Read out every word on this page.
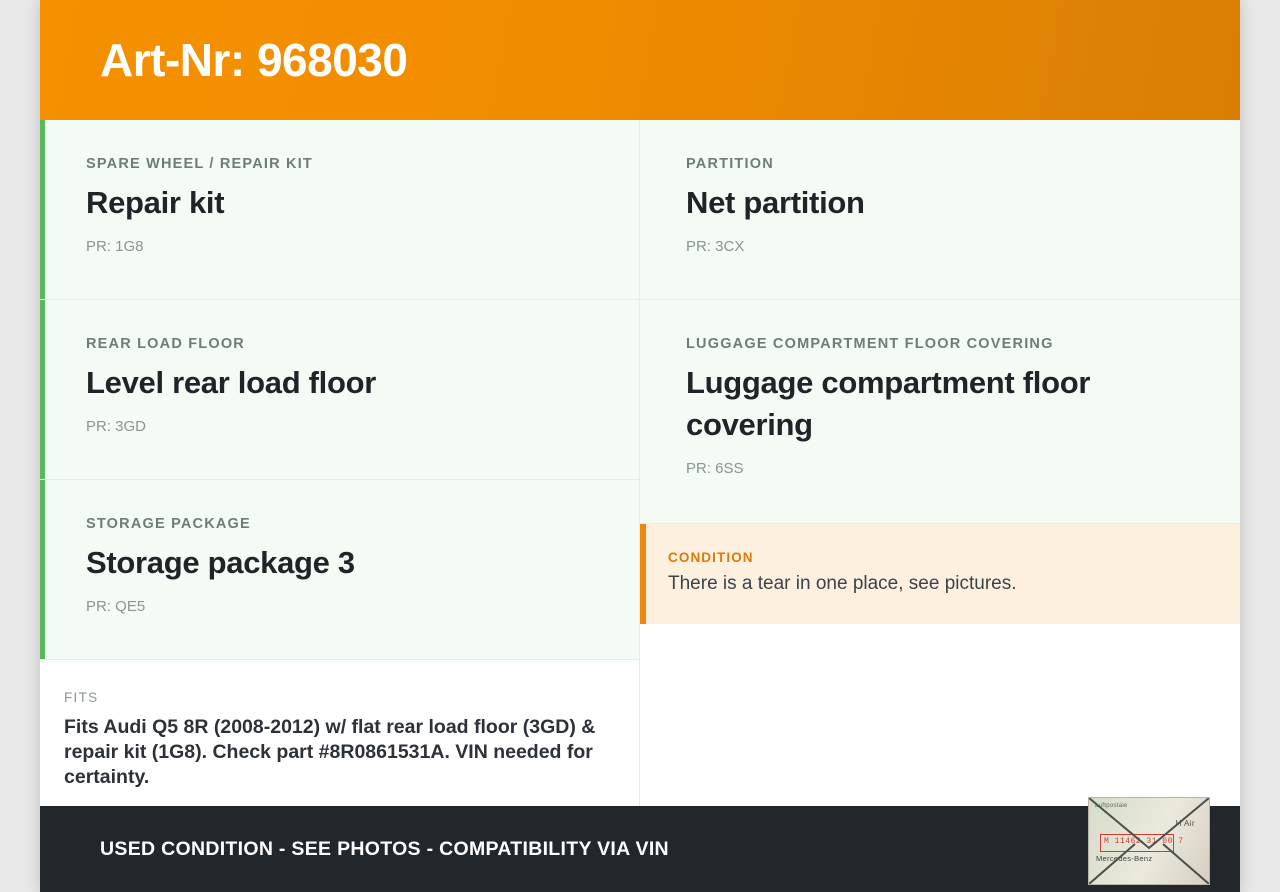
Art-Nr: 968030
SPARE WHEEL / REPAIR KIT
Repair kit
PR: 1G8
REAR LOAD FLOOR
Level rear load floor
PR: 3GD
STORAGE PACKAGE
Storage package 3
PR: QE5
PARTITION
Net partition
PR: 3CX
LUGGAGE COMPARTMENT FLOOR COVERING
Luggage compartment floor covering
PR: 6SS
CONDITION
There is a tear in one place, see pictures.
FITS
Fits Audi Q5 8R (2008-2012) w/ flat rear load floor (3GD) & repair kit (1G8). Check part #8R0861531A. VIN needed for certainty.
USED CONDITION - SEE PHOTOS - COMPATIBILITY VIA VIN
Luftpostale
H Air
M 11462 31 00 7
Mercedes-Benz
